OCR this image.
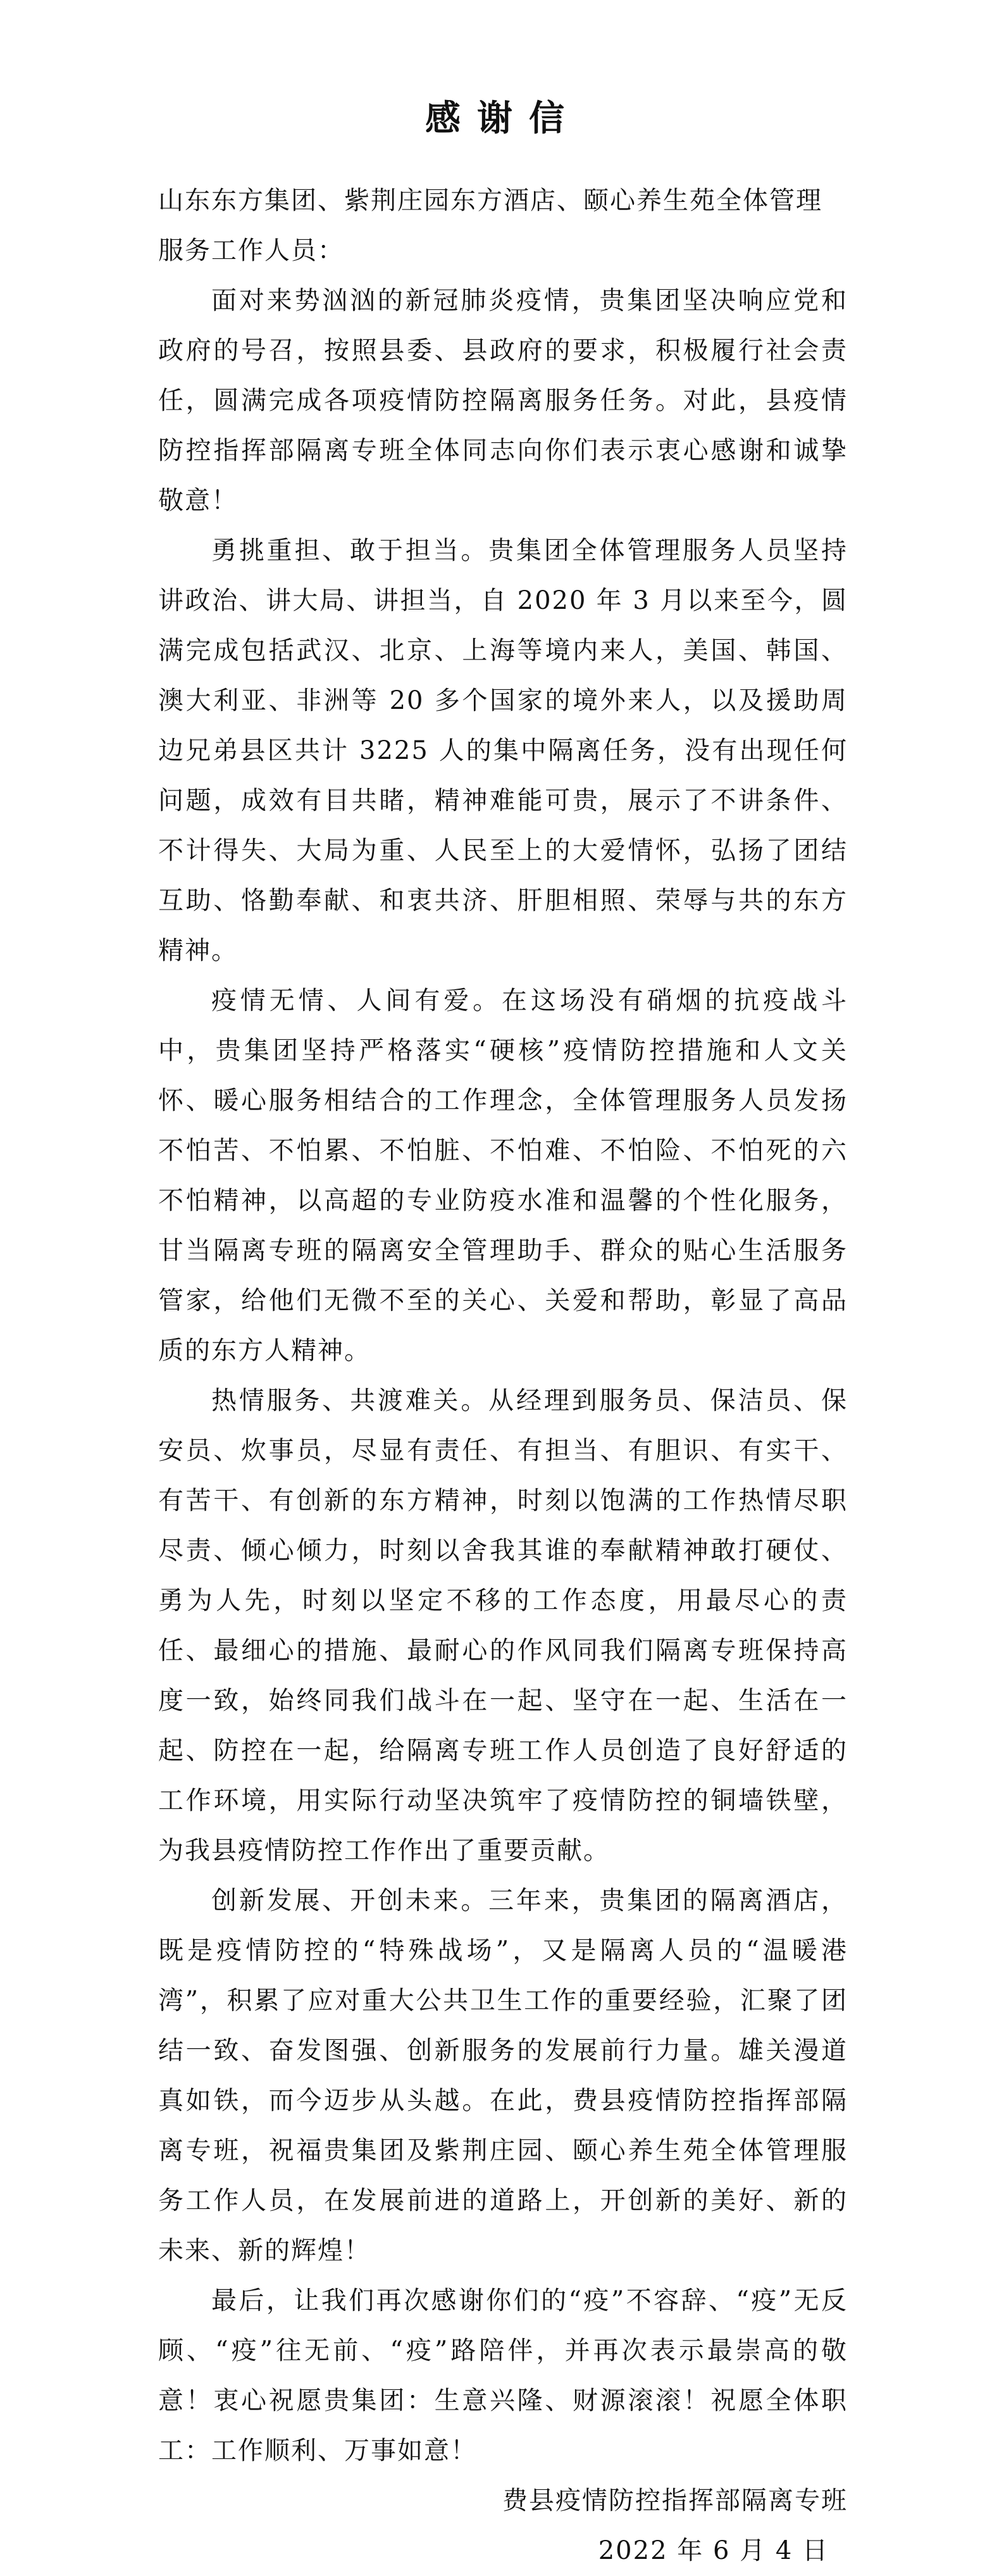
感谢信

山东东方集团、紫荆庄园东方酒店、颐心养生苑全体管理服务工作人员：

面对来势汹汹的新冠肺炎疫情，贵集团坚决响应党和政府的号召，按照县委、县政府的要求，积极履行社会责任，圆满完成各项疫情防控隔离服务任务。对此，县疫情防控指挥部隔离专班全体同志向你们表示衷心感谢和诚挚敬意！

勇挑重担、敢于担当。贵集团全体管理服务人员坚持讲政治、讲大局、讲担当，自 2020 年 3 月以来至今，圆满完成包括武汉、北京、上海等境内来人，美国、韩国、澳大利亚、非洲等 20 多个国家的境外来人，以及援助周边兄弟县区共计 3225 人的集中隔离任务，没有出现任何问题，成效有目共睹，精神难能可贵，展示了不讲条件、不计得失、大局为重、人民至上的大爱情怀，弘扬了团结互助、恪勤奉献、和衷共济、肝胆相照、荣辱与共的东方精神。

疫情无情、人间有爱。在这场没有硝烟的抗疫战斗中，贵集团坚持严格落实“硬核”疫情防控措施和人文关怀、暖心服务相结合的工作理念，全体管理服务人员发扬不怕苦、不怕累、不怕脏、不怕难、不怕险、不怕死的六不怕精神，以高超的专业防疫水准和温馨的个性化服务，甘当隔离专班的隔离安全管理助手、群众的贴心生活服务管家，给他们无微不至的关心、关爱和帮助，彰显了高品质的东方人精神。

热情服务、共渡难关。从经理到服务员、保洁员、保安员、炊事员，尽显有责任、有担当、有胆识、有实干、有苦干、有创新的东方精神，时刻以饱满的工作热情尽职尽责、倾心倾力，时刻以舍我其谁的奉献精神敢打硬仗、勇为人先，时刻以坚定不移的工作态度，用最尽心的责任、最细心的措施、最耐心的作风同我们隔离专班保持高度一致，始终同我们战斗在一起、坚守在一起、生活在一起、防控在一起，给隔离专班工作人员创造了良好舒适的工作环境，用实际行动坚决筑牢了疫情防控的铜墙铁壁，为我县疫情防控工作作出了重要贡献。

创新发展、开创未来。三年来，贵集团的隔离酒店，既是疫情防控的“特殊战场”，又是隔离人员的“温暖港湾”，积累了应对重大公共卫生工作的重要经验，汇聚了团结一致、奋发图强、创新服务的发展前行力量。雄关漫道真如铁，而今迈步从头越。在此，费县疫情防控指挥部隔离专班，祝福贵集团及紫荆庄园、颐心养生苑全体管理服务工作人员，在发展前进的道路上，开创新的美好、新的未来、新的辉煌！

最后，让我们再次感谢你们的“疫”不容辞、“疫”无反顾、“疫”往无前、“疫”路陪伴，并再次表示最崇高的敬意！衷心祝愿贵集团：生意兴隆、财源滚滚！祝愿全体职工：工作顺利、万事如意！

费县疫情防控指挥部隔离专班

2022 年 6 月 4 日
